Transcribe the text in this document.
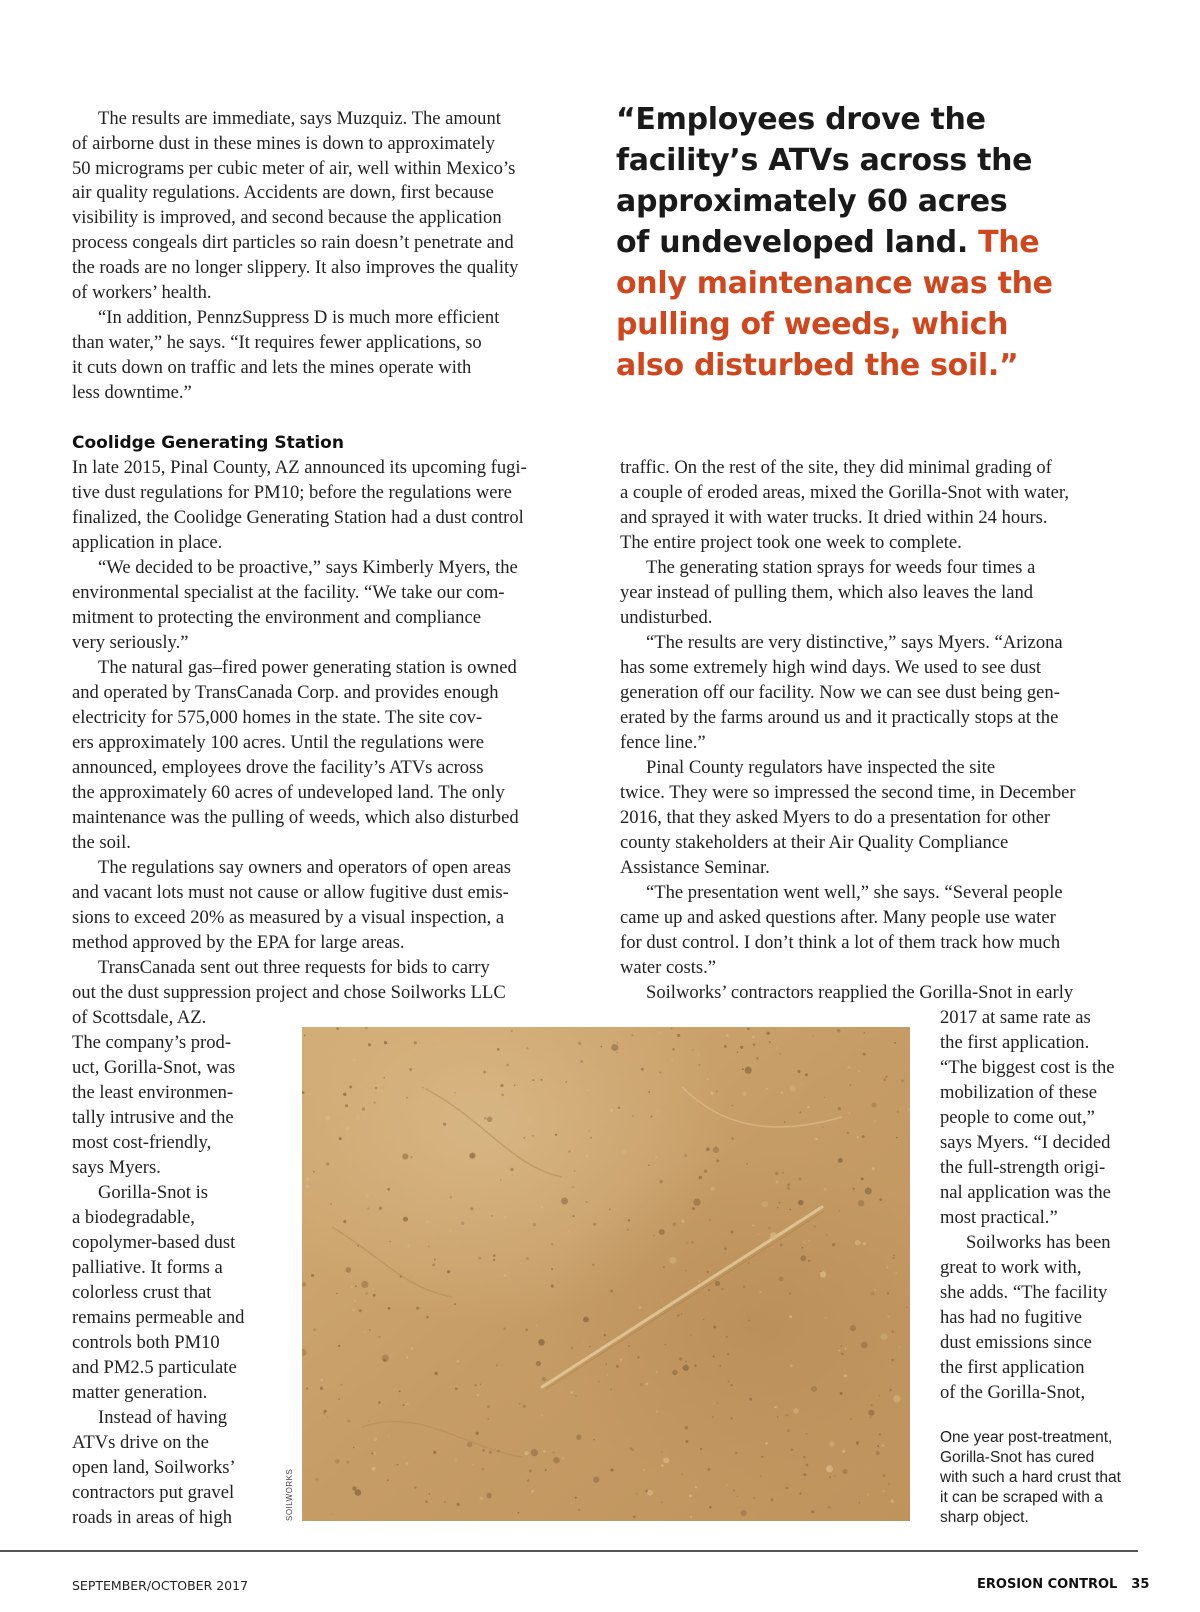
The results are immediate, says Muzquiz. The amount
of airborne dust in these mines is down to approximately
50 micrograms per cubic meter of air, well within Mexico’s
air quality regulations. Accidents are down, first because
visibility is improved, and second because the application
process congeals dirt particles so rain doesn’t penetrate and
the roads are no longer slippery. It also improves the quality
of workers’ health.
“In addition, PennzSuppress D is much more efficient
than water,” he says. “It requires fewer applications, so
it cuts down on traffic and lets the mines operate with
less downtime.”
“Employees drove the
facility’s ATVs across the
approximately 60 acres
of undeveloped land. The
only maintenance was the
pulling of weeds, which
also disturbed the soil.”
Coolidge Generating Station
In late 2015, Pinal County, AZ announced its upcoming fugi-
tive dust regulations for PM10; before the regulations were
finalized, the Coolidge Generating Station had a dust control
application in place.
“We decided to be proactive,” says Kimberly Myers, the
environmental specialist at the facility. “We take our com-
mitment to protecting the environment and compliance
very seriously.”
The natural gas–fired power generating station is owned
and operated by TransCanada Corp. and provides enough
electricity for 575,000 homes in the state. The site cov-
ers approximately 100 acres. Until the regulations were
announced, employees drove the facility’s ATVs across
the approximately 60 acres of undeveloped land. The only
maintenance was the pulling of weeds, which also disturbed
the soil.
The regulations say owners and operators of open areas
and vacant lots must not cause or allow fugitive dust emis-
sions to exceed 20% as measured by a visual inspection, a
method approved by the EPA for large areas.
TransCanada sent out three requests for bids to carry
out the dust suppression project and chose Soilworks LLC
of Scottsdale, AZ.
The company’s prod-
uct, Gorilla-Snot, was
the least environmen-
tally intrusive and the
most cost-friendly,
says Myers.
Gorilla-Snot is
a biodegradable,
copolymer-based dust
palliative. It forms a
colorless crust that
remains permeable and
controls both PM10
and PM2.5 particulate
matter generation.
Instead of having
ATVs drive on the
open land, Soilworks’
contractors put gravel
roads in areas of high
traffic. On the rest of the site, they did minimal grading of
a couple of eroded areas, mixed the Gorilla-Snot with water,
and sprayed it with water trucks. It dried within 24 hours.
The entire project took one week to complete.
The generating station sprays for weeds four times a
year instead of pulling them, which also leaves the land
undisturbed.
“The results are very distinctive,” says Myers. “Arizona
has some extremely high wind days. We used to see dust
generation off our facility. Now we can see dust being gen-
erated by the farms around us and it practically stops at the
fence line.”
Pinal County regulators have inspected the site
twice. They were so impressed the second time, in December
2016, that they asked Myers to do a presentation for other
county stakeholders at their Air Quality Compliance
Assistance Seminar.
“The presentation went well,” she says. “Several people
came up and asked questions after. Many people use water
for dust control. I don’t think a lot of them track how much
water costs.”
Soilworks’ contractors reapplied the Gorilla-Snot in early
2017 at same rate as
the first application.
“The biggest cost is the
mobilization of these
people to come out,”
says Myers. “I decided
the full-strength origi-
nal application was the
most practical.”
Soilworks has been
great to work with,
she adds. “The facility
has had no fugitive
dust emissions since
the first application
of the Gorilla-Snot,
SOILWORKS
One year post-treatment,
Gorilla-Snot has cured
with such a hard crust that
it can be scraped with a
sharp object.
SEPTEMBER/OCTOBER 2017	EROSION CONTROL 35
